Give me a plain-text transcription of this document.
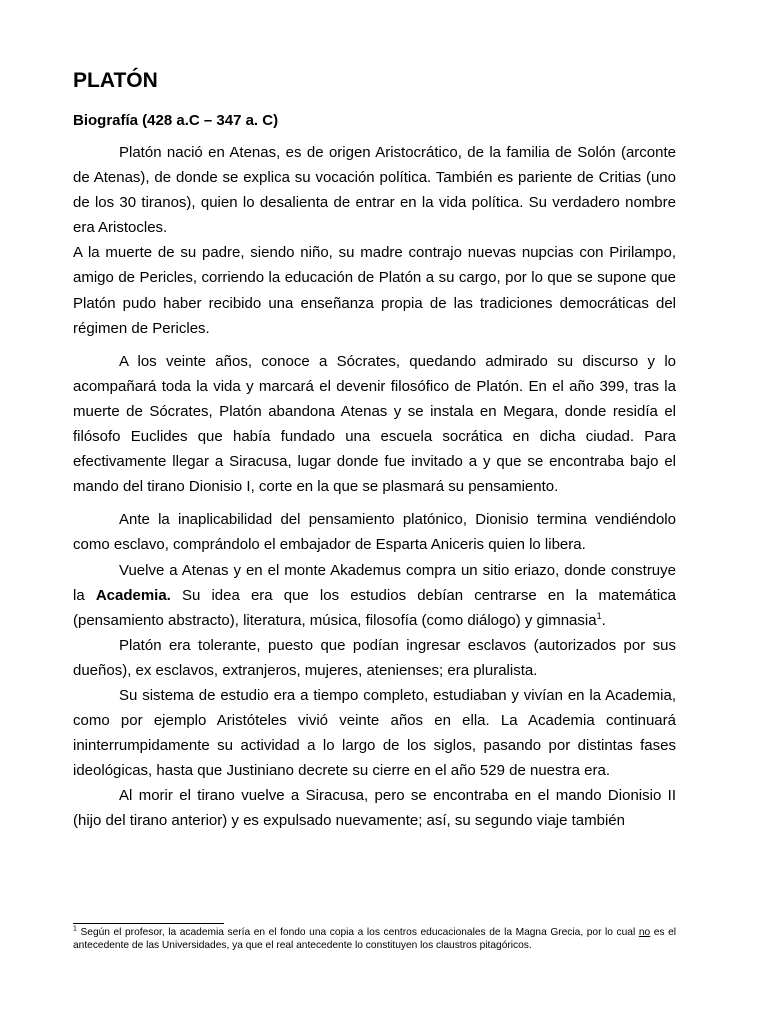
PLATÓN
Biografía (428 a.C – 347 a. C)

Platón nació en Atenas, es de origen Aristocrático, de la familia de Solón (arconte de Atenas), de donde se explica su vocación política. También es pariente de Critias (uno de los 30 tiranos), quien lo desalienta de entrar en la vida política. Su verdadero nombre era Aristocles.

A la muerte de su padre, siendo niño, su madre contrajo nuevas nupcias con Pirilampo, amigo de Pericles, corriendo la educación de Platón a su cargo, por lo que se supone que Platón pudo haber recibido una enseñanza propia de las tradiciones democráticas del régimen de Pericles.

A los veinte años, conoce a Sócrates, quedando admirado su discurso y lo acompañará toda la vida y marcará el devenir filosófico de Platón. En el año 399, tras la muerte de Sócrates, Platón abandona Atenas y se instala en Megara, donde residía el filósofo Euclides que había fundado una escuela socrática en dicha ciudad. Para efectivamente llegar a Siracusa, lugar donde fue invitado a y que se encontraba bajo el mando del tirano Dionisio I, corte en la que se plasmará su pensamiento.

Ante la inaplicabilidad del pensamiento platónico, Dionisio termina vendiéndolo como esclavo, comprándolo el embajador de Esparta Aniceris quien lo libera.

Vuelve a Atenas y en el monte Akademus compra un sitio eriazo, donde construye la Academia. Su idea era que los estudios debían centrarse en la matemática (pensamiento abstracto), literatura, música, filosofía (como diálogo) y gimnasia$^1$.

Platón era tolerante, puesto que podían ingresar esclavos (autorizados por sus dueños), ex esclavos, extranjeros, mujeres, atenienses; era pluralista.

Su sistema de estudio era a tiempo completo, estudiaban y vivían en la Academia, como por ejemplo Aristóteles vivió veinte años en ella. La Academia continuará ininterrumpidamente su actividad a lo largo de los siglos, pasando por distintas fases ideológicas, hasta que Justiniano decrete su cierre en el año 529 de nuestra era.

Al morir el tirano vuelve a Siracusa, pero se encontraba en el mando Dionisio II (hijo del tirano anterior) y es expulsado nuevamente; así, su segundo viaje también

$^1$ Según el profesor, la academia sería en el fondo una copia a los centros educacionales de la Magna Grecia, por lo cual no es el antecedente de las Universidades, ya que el real antecedente lo constituyen los claustros pitagóricos.
